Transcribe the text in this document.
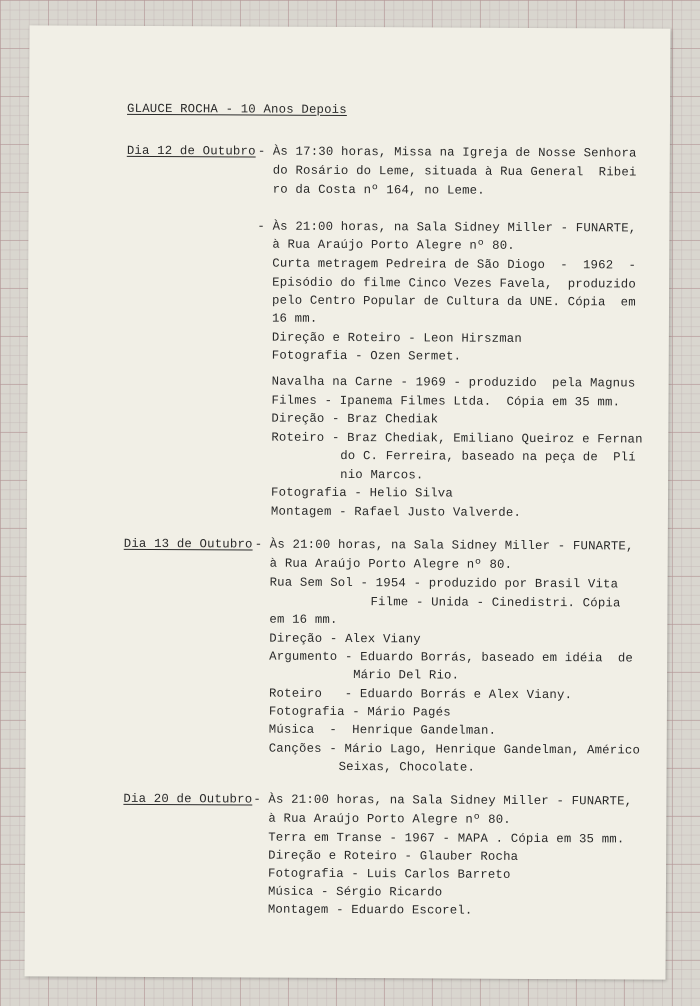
GLAUCE ROCHA - 10 Anos Depois
Dia 12 de Outubro - Às 17:30 horas, Missa na Igreja de Nosse Senhora
do Rosário do Leme, situada à Rua General  Ribei
ro da Costa nº 164, no Leme.
- Às 21:00 horas, na Sala Sidney Miller - FUNARTE,
à Rua Araújo Porto Alegre nº 80.
Curta metragem Pedreira de São Diogo  -  1962  -
Episódio do filme Cinco Vezes Favela,  produzido
pelo Centro Popular de Cultura da UNE. Cópia  em
16 mm.
Direção e Roteiro - Leon Hirszman
Fotografia - Ozen Sermet.
Navalha na Carne - 1969 - produzido  pela Magnus
Filmes - Ipanema Filmes Ltda.  Cópia em 35 mm.
Direção - Braz Chediak
Roteiro - Braz Chediak, Emiliano Queiroz e Fernan
do C. Ferreira, baseado na peça de  Plí
nio Marcos.
Fotografia - Helio Silva
Montagem - Rafael Justo Valverde.
Dia 13 de Outubro - Às 21:00 horas, na Sala Sidney Miller - FUNARTE,
à Rua Araújo Porto Alegre nº 80.
Rua Sem Sol - 1954 - produzido por Brasil Vita
Filme - Unida - Cinedistri. Cópia
em 16 mm.
Direção - Alex Viany
Argumento - Eduardo Borrás, baseado em idéia  de
Mário Del Rio.
Roteiro   - Eduardo Borrás e Alex Viany.
Fotografia - Mário Pagés
Música  -  Henrique Gandelman.
Canções - Mário Lago, Henrique Gandelman, Américo
Seixas, Chocolate.
Dia 20 de Outubro - Às 21:00 horas, na Sala Sidney Miller - FUNARTE,
à Rua Araújo Porto Alegre nº 80.
Terra em Transe - 1967 - MAPA . Cópia em 35 mm.
Direção e Roteiro - Glauber Rocha
Fotografia - Luis Carlos Barreto
Música - Sérgio Ricardo
Montagem - Eduardo Escorel.
